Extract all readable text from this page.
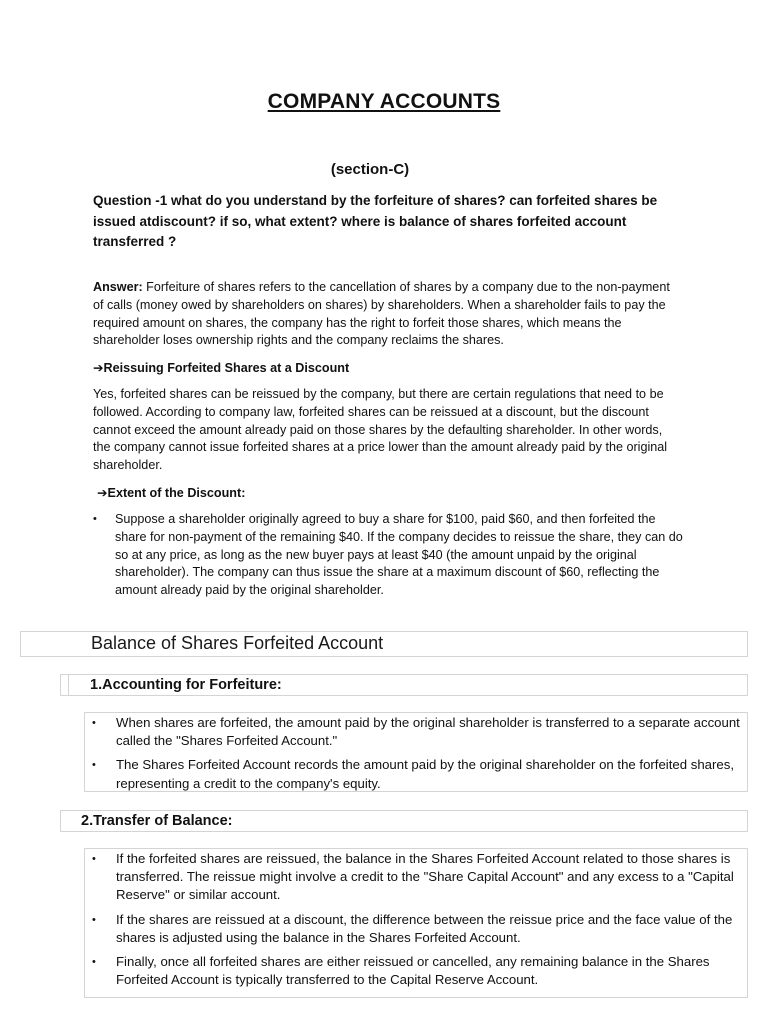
COMPANY ACCOUNTS
(section-C)
Question -1 what do you understand by the forfeiture of shares? can forfeited shares be issued atdiscount? if so, what extent? where is balance of shares forfeited account transferred ?
Answer: Forfeiture of shares refers to the cancellation of shares by a company due to the non-payment of calls (money owed by shareholders on shares) by shareholders. When a shareholder fails to pay the required amount on shares, the company has the right to forfeit those shares, which means the shareholder loses ownership rights and the company reclaims the shares.
➔Reissuing Forfeited Shares at a Discount
Yes, forfeited shares can be reissued by the company, but there are certain regulations that need to be followed. According to company law, forfeited shares can be reissued at a discount, but the discount cannot exceed the amount already paid on those shares by the defaulting shareholder. In other words, the company cannot issue forfeited shares at a price lower than the amount already paid by the original shareholder.
➔Extent of the Discount:
• Suppose a shareholder originally agreed to buy a share for $100, paid $60, and then forfeited the share for non-payment of the remaining $40. If the company decides to reissue the share, they can do so at any price, as long as the new buyer pays at least $40 (the amount unpaid by the original shareholder). The company can thus issue the share at a maximum discount of $60, reflecting the amount already paid by the original shareholder.
Balance of Shares Forfeited Account
1.Accounting for Forfeiture:
• When shares are forfeited, the amount paid by the original shareholder is transferred to a separate account called the "Shares Forfeited Account."
• The Shares Forfeited Account records the amount paid by the original shareholder on the forfeited shares, representing a credit to the company's equity.
2.Transfer of Balance:
• If the forfeited shares are reissued, the balance in the Shares Forfeited Account related to those shares is transferred. The reissue might involve a credit to the "Share Capital Account" and any excess to a "Capital Reserve" or similar account.
• If the shares are reissued at a discount, the difference between the reissue price and the face value of the shares is adjusted using the balance in the Shares Forfeited Account.
• Finally, once all forfeited shares are either reissued or cancelled, any remaining balance in the Shares Forfeited Account is typically transferred to the Capital Reserve Account.
